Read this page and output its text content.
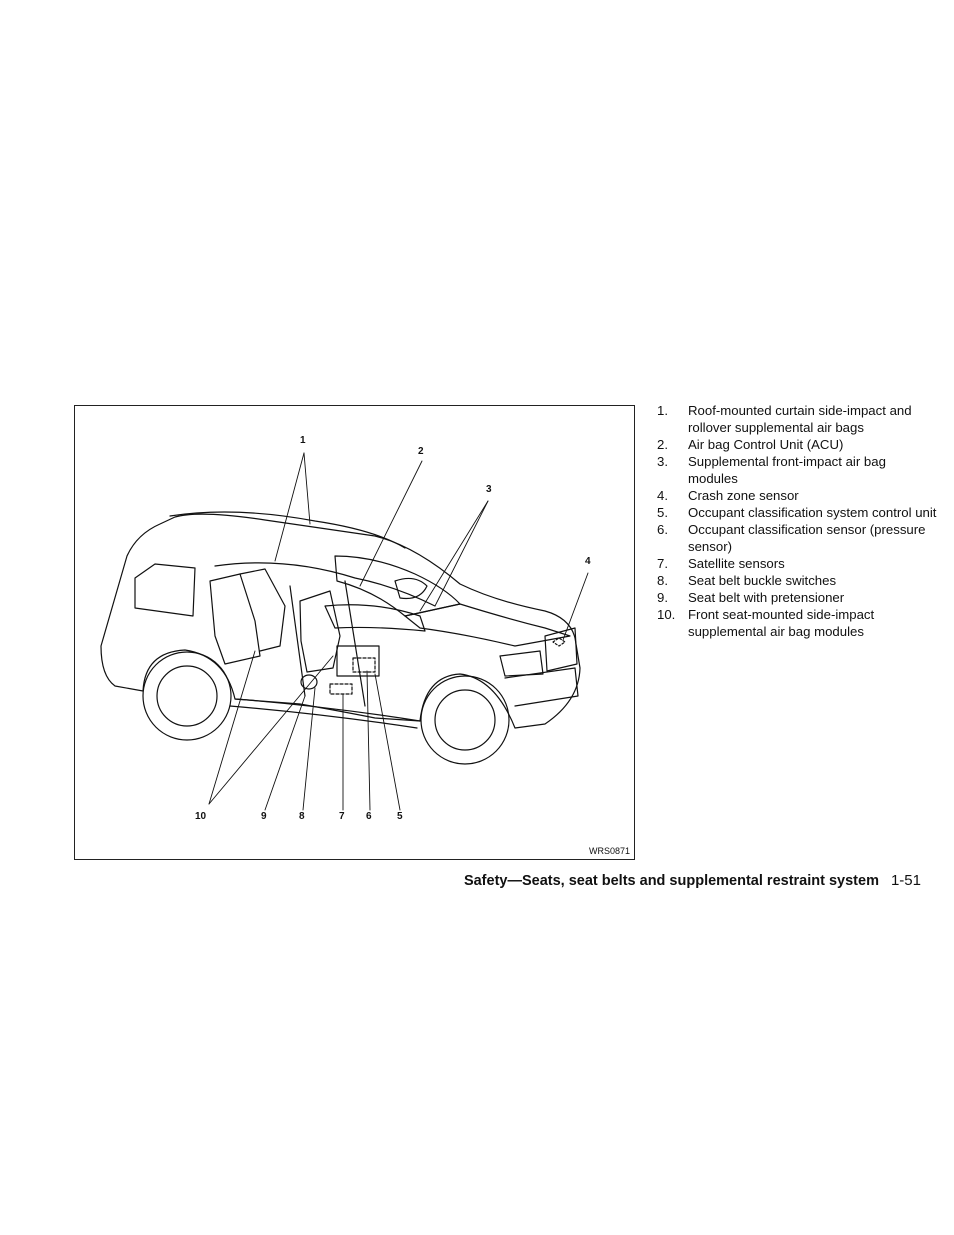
1
2
3
4
5
6
7
8
9
10
WRS0871
1.	Roof-mounted curtain side-impact and rollover supplemental air bags
2.	Air bag Control Unit (ACU)
3.	Supplemental front-impact air bag modules
4.	Crash zone sensor
5.	Occupant classification system control unit
6.	Occupant classification sensor (pressure sensor)
7.	Satellite sensors
8.	Seat belt buckle switches
9.	Seat belt with pretensioner
10. Front seat-mounted side-impact supplemental air bag modules
Safety—Seats, seat belts and supplemental restraint system 1-51
